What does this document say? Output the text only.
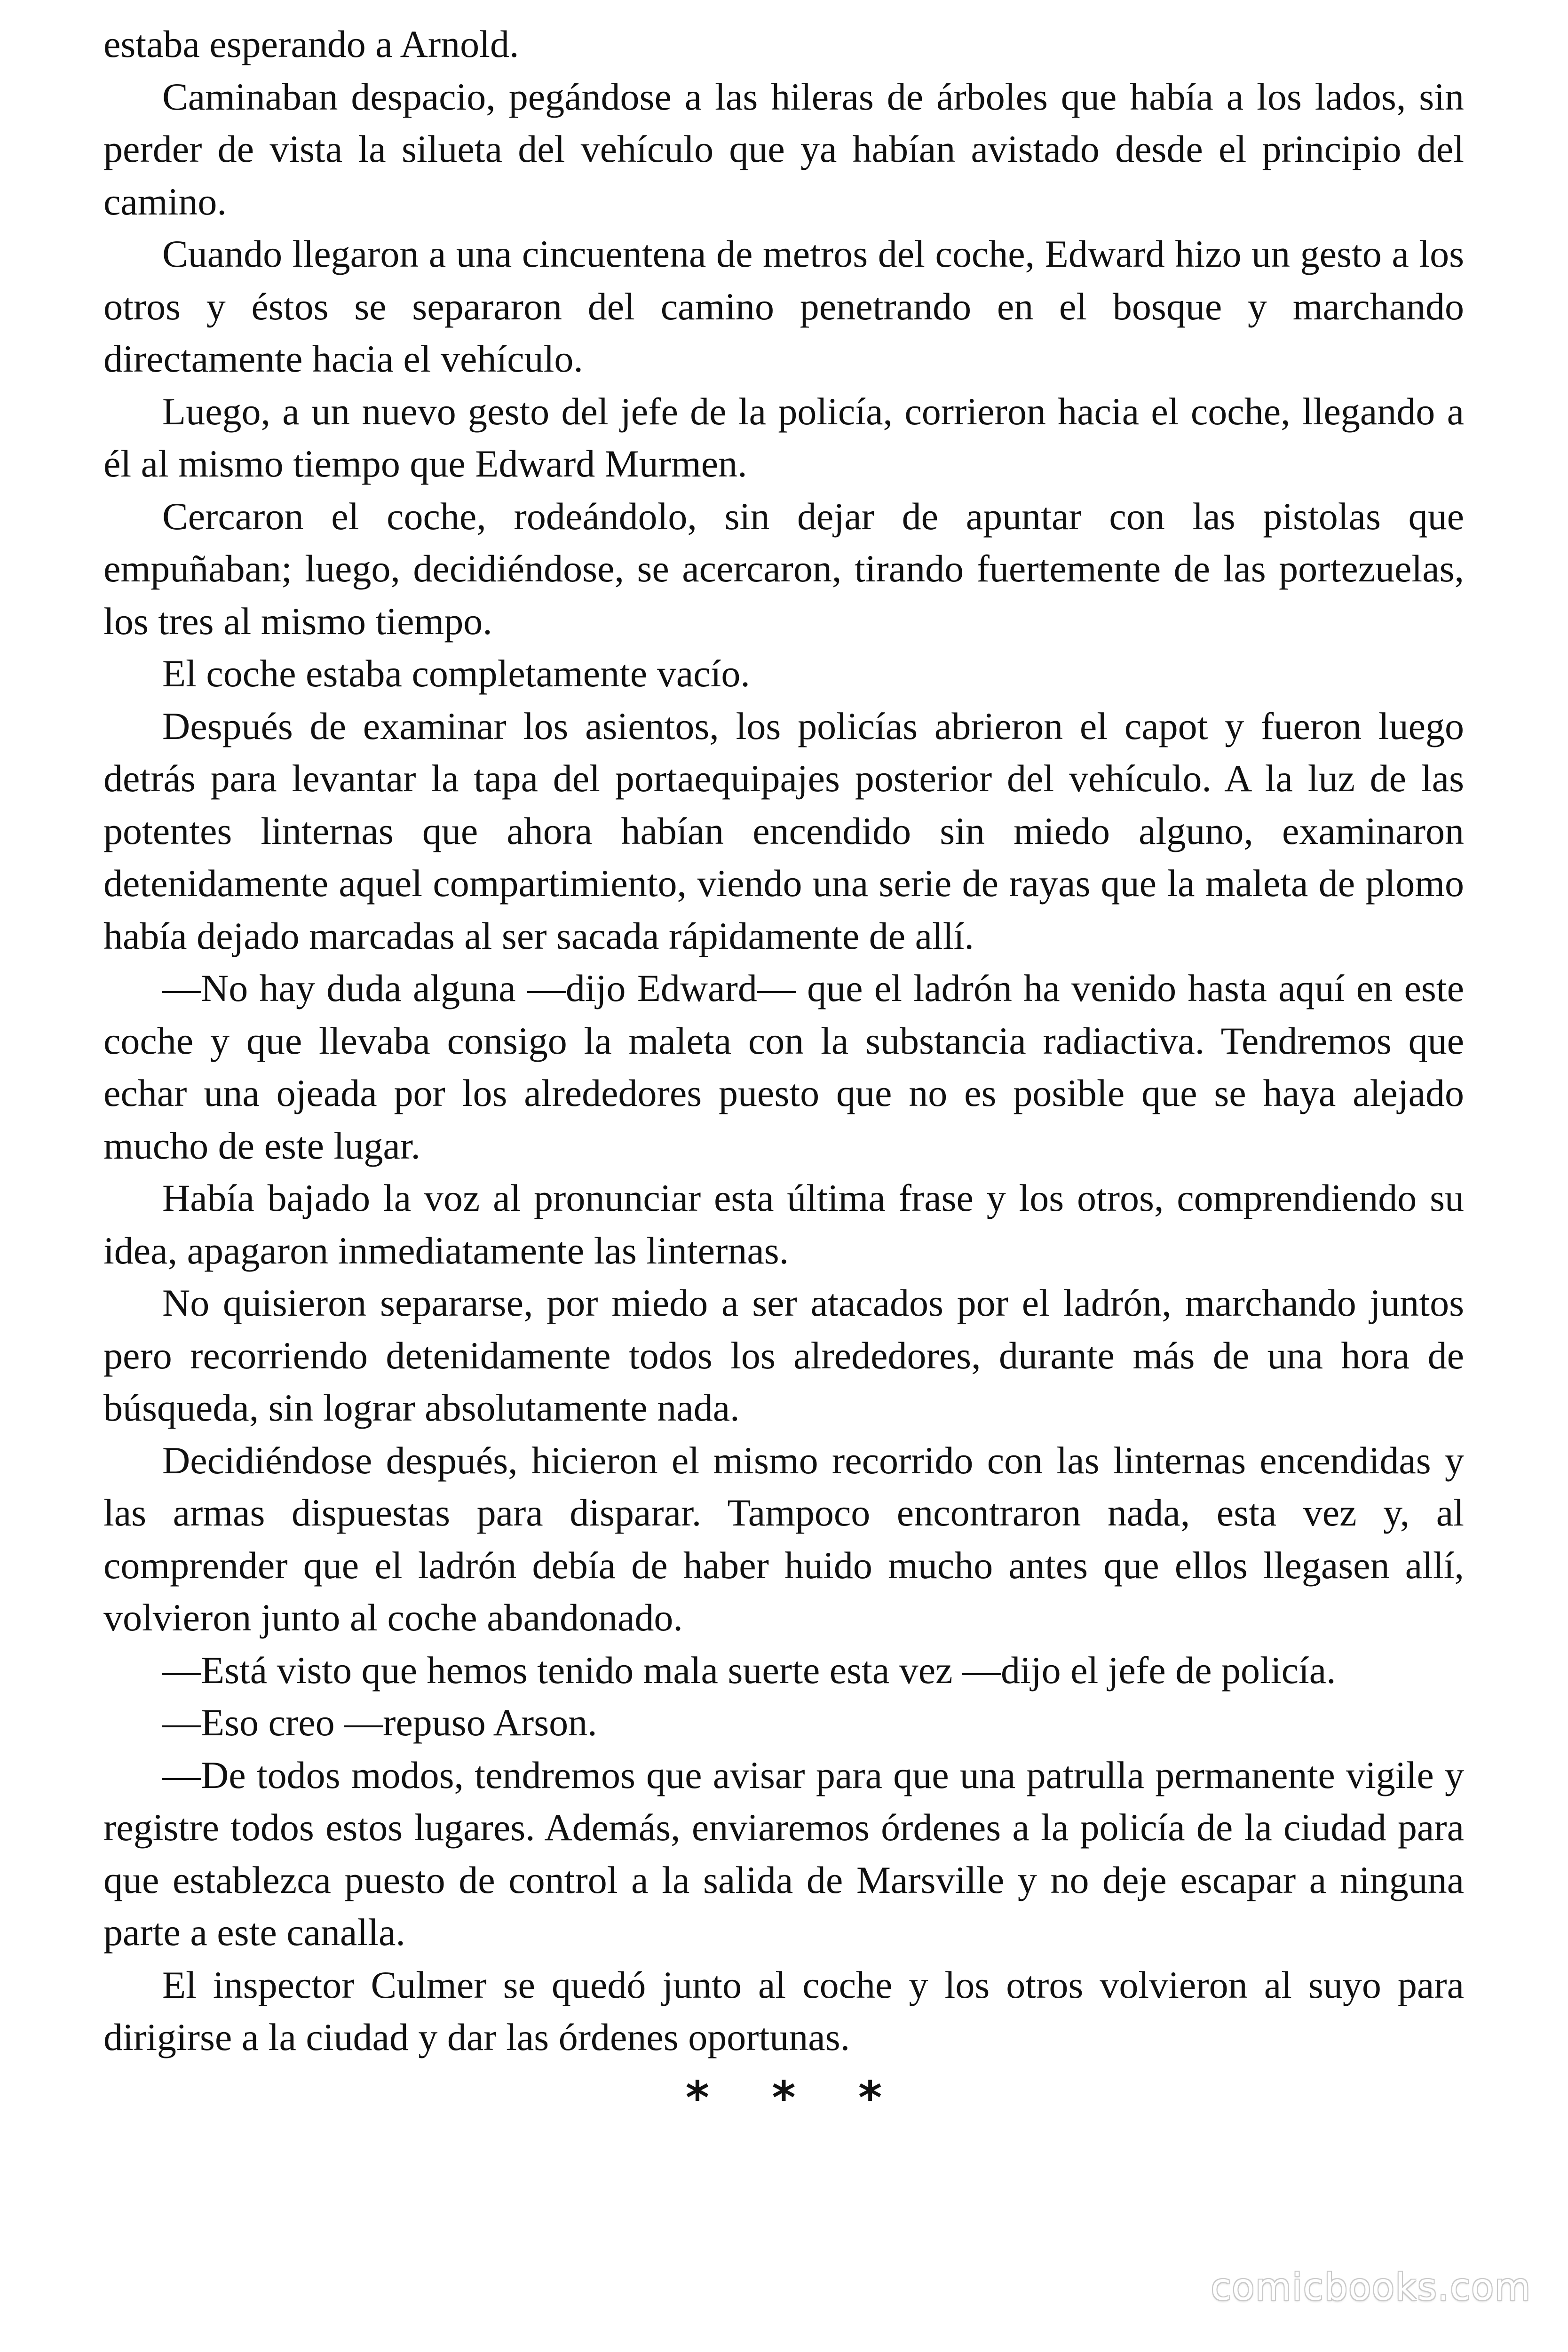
estaba esperando a Arnold.

Caminaban despacio, pegándose a las hileras de árboles que había a los lados, sin perder de vista la silueta del vehículo que ya habían avistado desde el principio del camino.

Cuando llegaron a una cincuentena de metros del coche, Edward hizo un gesto a los otros y éstos se separaron del camino penetrando en el bosque y marchando directamente hacia el vehículo.

Luego, a un nuevo gesto del jefe de la policía, corrieron hacia el coche, llegando a él al mismo tiempo que Edward Murmen.

Cercaron el coche, rodeándolo, sin dejar de apuntar con las pistolas que empuñaban; luego, decidiéndose, se acercaron, tirando fuertemente de las portezuelas, los tres al mismo tiempo.

El coche estaba completamente vacío.

Después de examinar los asientos, los policías abrieron el capot y fueron luego detrás para levantar la tapa del portaequipajes posterior del vehículo. A la luz de las potentes linternas que ahora habían encendido sin miedo alguno, examinaron detenidamente aquel compartimiento, viendo una serie de rayas que la maleta de plomo había dejado marcadas al ser sacada rápidamente de allí.

—No hay duda alguna —dijo Edward— que el ladrón ha venido hasta aquí en este coche y que llevaba consigo la maleta con la substancia radiactiva. Tendremos que echar una ojeada por los alrededores puesto que no es posible que se haya alejado mucho de este lugar.

Había bajado la voz al pronunciar esta última frase y los otros, comprendiendo su idea, apagaron inmediatamente las linternas.

No quisieron separarse, por miedo a ser atacados por el ladrón, marchando juntos pero recorriendo detenidamente todos los alrededores, durante más de una hora de búsqueda, sin lograr absolutamente nada.

Decidiéndose después, hicieron el mismo recorrido con las linternas encendidas y las armas dispuestas para disparar. Tampoco encontraron nada, esta vez y, al comprender que el ladrón debía de haber huido mucho antes que ellos llegasen allí, volvieron junto al coche abandonado.

—Está visto que hemos tenido mala suerte esta vez —dijo el jefe de policía.

—Eso creo —repuso Arson.

—De todos modos, tendremos que avisar para que una patrulla permanente vigile y registre todos estos lugares. Además, enviaremos órdenes a la policía de la ciudad para que establezca puesto de control a la salida de Marsville y no deje escapar a ninguna parte a este canalla.

El inspector Culmer se quedó junto al coche y los otros volvieron al suyo para dirigirse a la ciudad y dar las órdenes oportunas.

* * *
comicbooks.com
